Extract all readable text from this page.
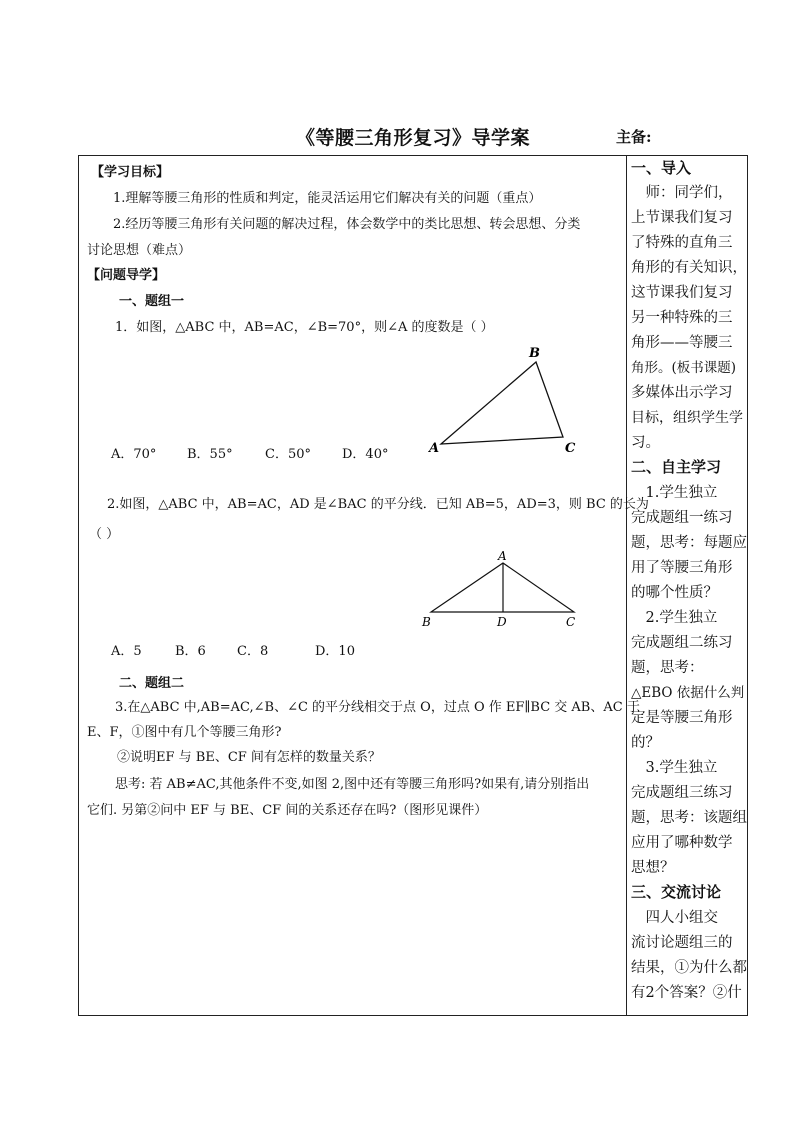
《等腰三角形复习》导学案	主备:
【学习目标】
1.理解等腰三角形的性质和判定，能灵活运用它们解决有关的问题（重点）
2.经历等腰三角形有关问题的解决过程，体会数学中的类比思想、转会思想、分类
讨论思想（难点）
【问题导学】
一、题组一
1．如图，△ABC 中，AB=AC，∠B=70°，则∠A 的度数是（ ）
A．70° B．55° C．50° D．40°
2.如图，△ABC 中，AB=AC，AD 是∠BAC 的平分线．已知 AB=5，AD=3，则 BC 的长为
（ ）
A．5	B．6 C．8	D．10
二、题组二
3.在△ABC 中,AB=AC,∠B、∠C 的平分线相交于点 O，过点 O 作 EF∥BC 交 AB、AC 于
E、F，①图中有几个等腰三角形?
②说明EF 与 BE、CF 间有怎样的数量关系？
思考: 若 AB≠AC,其他条件不变,如图 2,图中还有等腰三角形吗?如果有,请分别指出
它们. 另第②问中 EF 与 BE、CF 间的关系还存在吗?（图形见课件）
A
B
C
A
B	D	C
一、导入
　师：同学们，
上节课我们复习
了特殊的直角三
角形的有关知识，
这节课我们复习
另一种特殊的三
角形——等腰三
角形。(板书课题)
多媒体出示学习
目标，组织学生学
习。
二、自主学习
　1.学生独立
完成题组一练习
题，思考：每题应
用了等腰三角形
的哪个性质？
　2.学生独立
完成题组二练习
题，思考：
△EBO 依据什么判
定是等腰三角形
的？
　3.学生独立
完成题组三练习
题，思考：该题组
应用了哪种数学
思想？
三、交流讨论
　四人小组交
流讨论题组三的
结果，①为什么都
有2个答案？②什
